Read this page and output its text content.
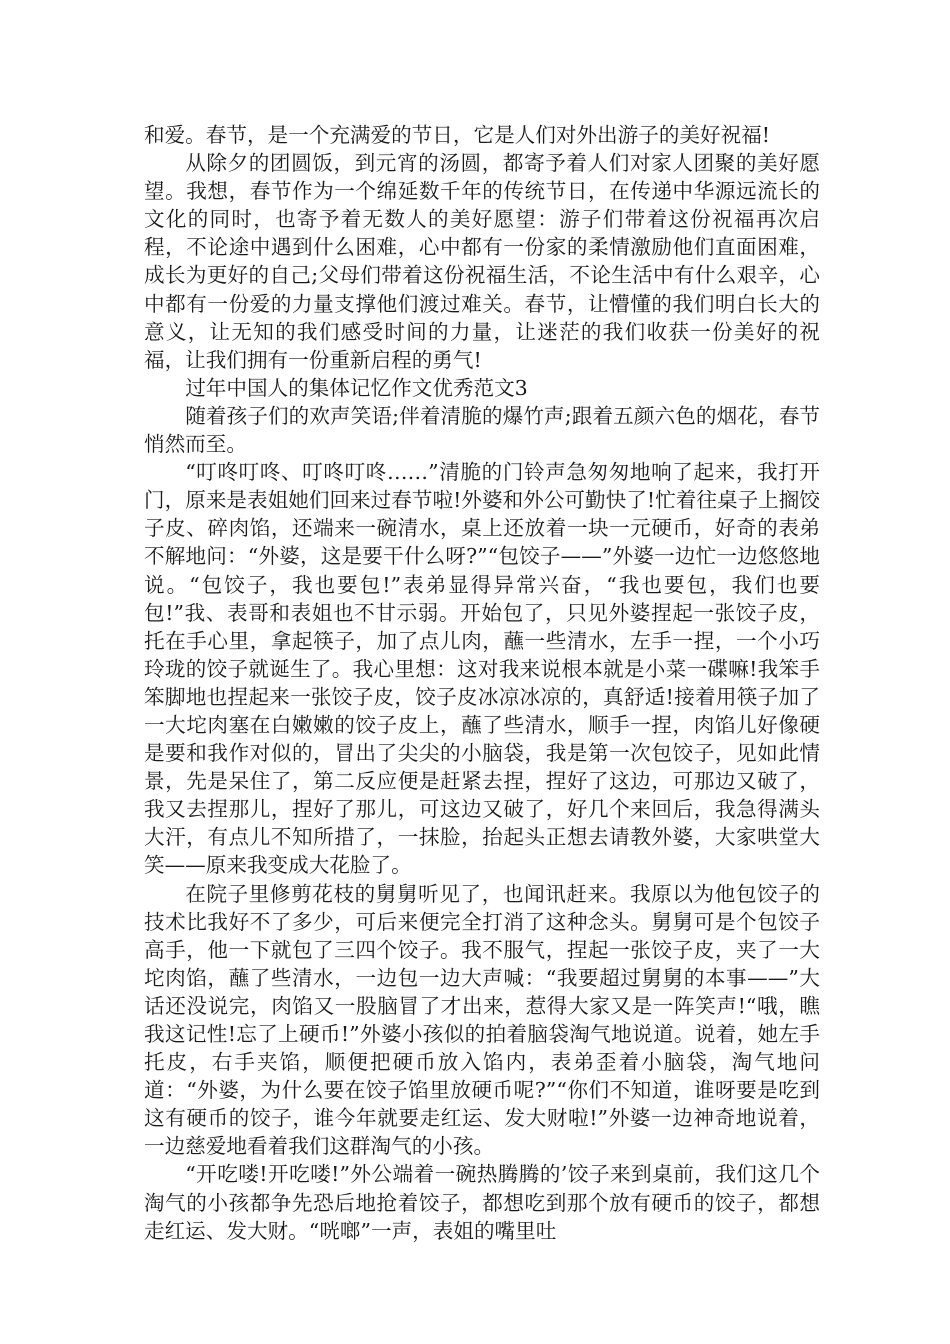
和爱。春节，是一个充满爱的节日，它是人们对外出游子的美好祝福!

从除夕的团圆饭，到元宵的汤圆，都寄予着人们对家人团聚的美好愿望。我想，春节作为一个绵延数千年的传统节日，在传递中华源远流长的文化的同时，也寄予着无数人的美好愿望：游子们带着这份祝福再次启程，不论途中遇到什么困难，心中都有一份家的柔情激励他们直面困难，成长为更好的自己;父母们带着这份祝福生活，不论生活中有什么艰辛，心中都有一份爱的力量支撑他们渡过难关。春节，让懵懂的我们明白长大的意义，让无知的我们感受时间的力量，让迷茫的我们收获一份美好的祝福，让我们拥有一份重新启程的勇气!

过年中国人的集体记忆作文优秀范文3

随着孩子们的欢声笑语;伴着清脆的爆竹声;跟着五颜六色的烟花，春节悄然而至。

“叮咚叮咚、叮咚叮咚……”清脆的门铃声急匆匆地响了起来，我打开门，原来是表姐她们回来过春节啦!外婆和外公可勤快了!忙着往桌子上搁饺子皮、碎肉馅，还端来一碗清水，桌上还放着一块一元硬币，好奇的表弟不解地问：“外婆，这是要干什么呀?”“包饺子——”外婆一边忙一边悠悠地说。“包饺子，我也要包!”表弟显得异常兴奋，“我也要包，我们也要包!”我、表哥和表姐也不甘示弱。开始包了，只见外婆捏起一张饺子皮，托在手心里，拿起筷子，加了点儿肉，蘸一些清水，左手一捏，一个小巧玲珑的饺子就诞生了。我心里想：这对我来说根本就是小菜一碟嘛!我笨手笨脚地也捏起来一张饺子皮，饺子皮冰凉冰凉的，真舒适!接着用筷子加了一大坨肉塞在白嫩嫩的饺子皮上，蘸了些清水，顺手一捏，肉馅儿好像硬是要和我作对似的，冒出了尖尖的小脑袋，我是第一次包饺子，见如此情景，先是呆住了，第二反应便是赶紧去捏，捏好了这边，可那边又破了，我又去捏那儿，捏好了那儿，可这边又破了，好几个来回后，我急得满头大汗，有点儿不知所措了，一抹脸，抬起头正想去请教外婆，大家哄堂大笑——原来我变成大花脸了。

在院子里修剪花枝的舅舅听见了，也闻讯赶来。我原以为他包饺子的技术比我好不了多少，可后来便完全打消了这种念头。舅舅可是个包饺子高手，他一下就包了三四个饺子。我不服气，捏起一张饺子皮，夹了一大坨肉馅，蘸了些清水，一边包一边大声喊：“我要超过舅舅的本事——”大话还没说完，肉馅又一股脑冒了才出来，惹得大家又是一阵笑声!“哦，瞧我这记性!忘了上硬币!”外婆小孩似的拍着脑袋淘气地说道。说着，她左手托皮，右手夹馅，顺便把硬币放入馅内，表弟歪着小脑袋，淘气地问道：“外婆，为什么要在饺子馅里放硬币呢?”“你们不知道，谁呀要是吃到这有硬币的饺子，谁今年就要走红运、发大财啦!”外婆一边神奇地说着，一边慈爱地看着我们这群淘气的小孩。

“开吃喽!开吃喽!”外公端着一碗热腾腾的’饺子来到桌前，我们这几个淘气的小孩都争先恐后地抢着饺子，都想吃到那个放有硬币的饺子，都想走红运、发大财。“咣啷”一声，表姐的嘴里吐
